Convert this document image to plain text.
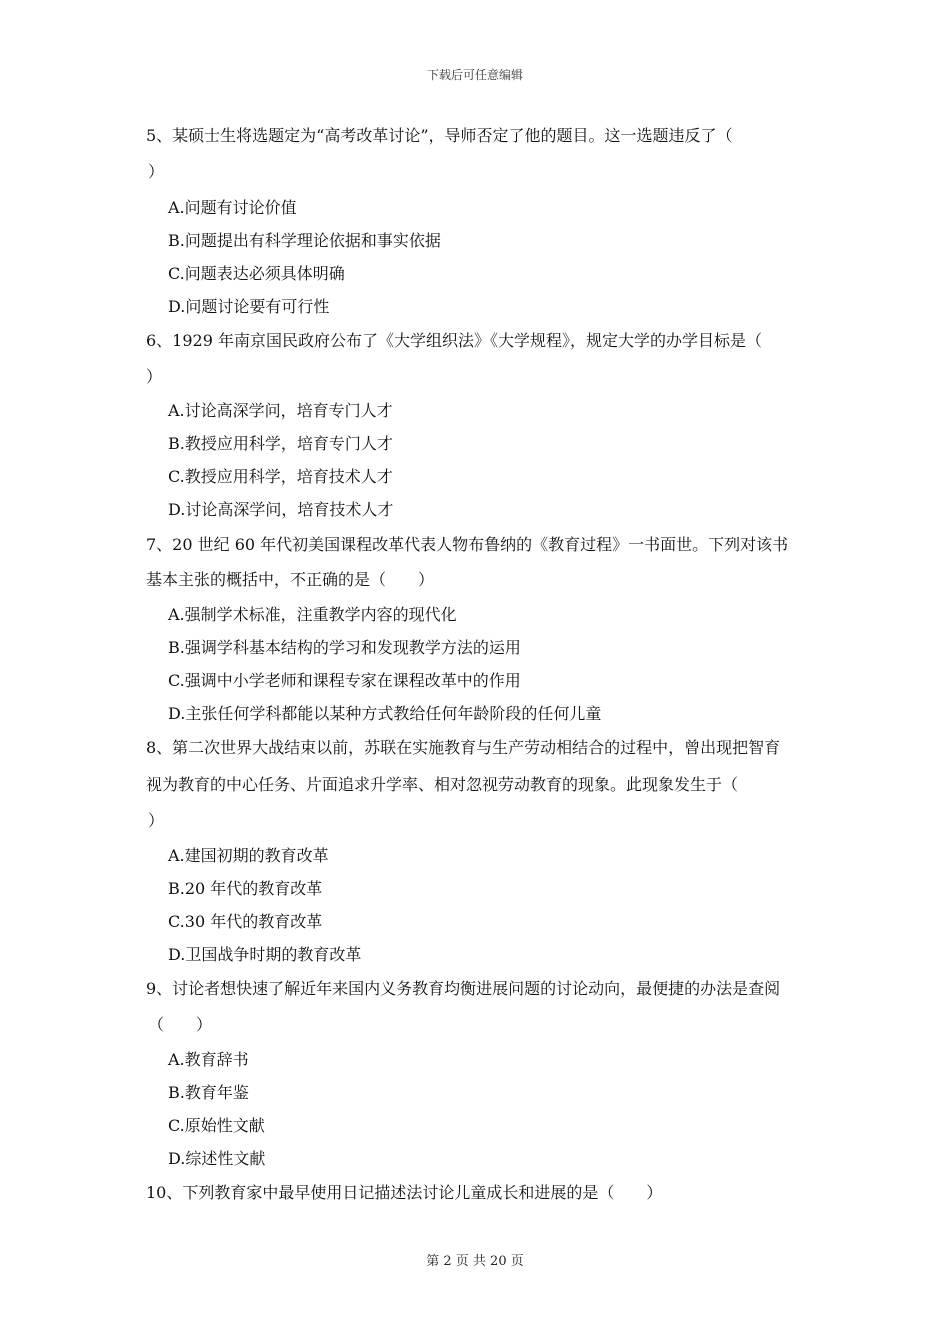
下载后可任意编辑
5、某硕士生将选题定为“高考改革讨论”，导师否定了他的题目。这一选题违反了（
）
A.问题有讨论价值
B.问题提出有科学理论依据和事实依据
C.问题表达必须具体明确
D.问题讨论要有可行性
6、1929 年南京国民政府公布了《大学组织法》《大学规程》，规定大学的办学目标是（
）
A.讨论高深学问，培育专门人才
B.教授应用科学，培育专门人才
C.教授应用科学，培育技术人才
D.讨论高深学问，培育技术人才
7、20 世纪 60 年代初美国课程改革代表人物布鲁纳的《教育过程》一书面世。下列对该书
基本主张的概括中，不正确的是（　　）
A.强制学术标准，注重教学内容的现代化
B.强调学科基本结构的学习和发现教学方法的运用
C.强调中小学老师和课程专家在课程改革中的作用
D.主张任何学科都能以某种方式教给任何年龄阶段的任何儿童
8、第二次世界大战结束以前，苏联在实施教育与生产劳动相结合的过程中，曾出现把智育
视为教育的中心任务、片面追求升学率、相对忽视劳动教育的现象。此现象发生于（
）
A.建国初期的教育改革
B.20 年代的教育改革
C.30 年代的教育改革
D.卫国战争时期的教育改革
9、讨论者想快速了解近年来国内义务教育均衡进展问题的讨论动向，最便捷的办法是查阅
（　　）
A.教育辞书
B.教育年鉴
C.原始性文献
D.综述性文献
10、下列教育家中最早使用日记描述法讨论儿童成长和进展的是（　　）
第 2 页 共 20 页
